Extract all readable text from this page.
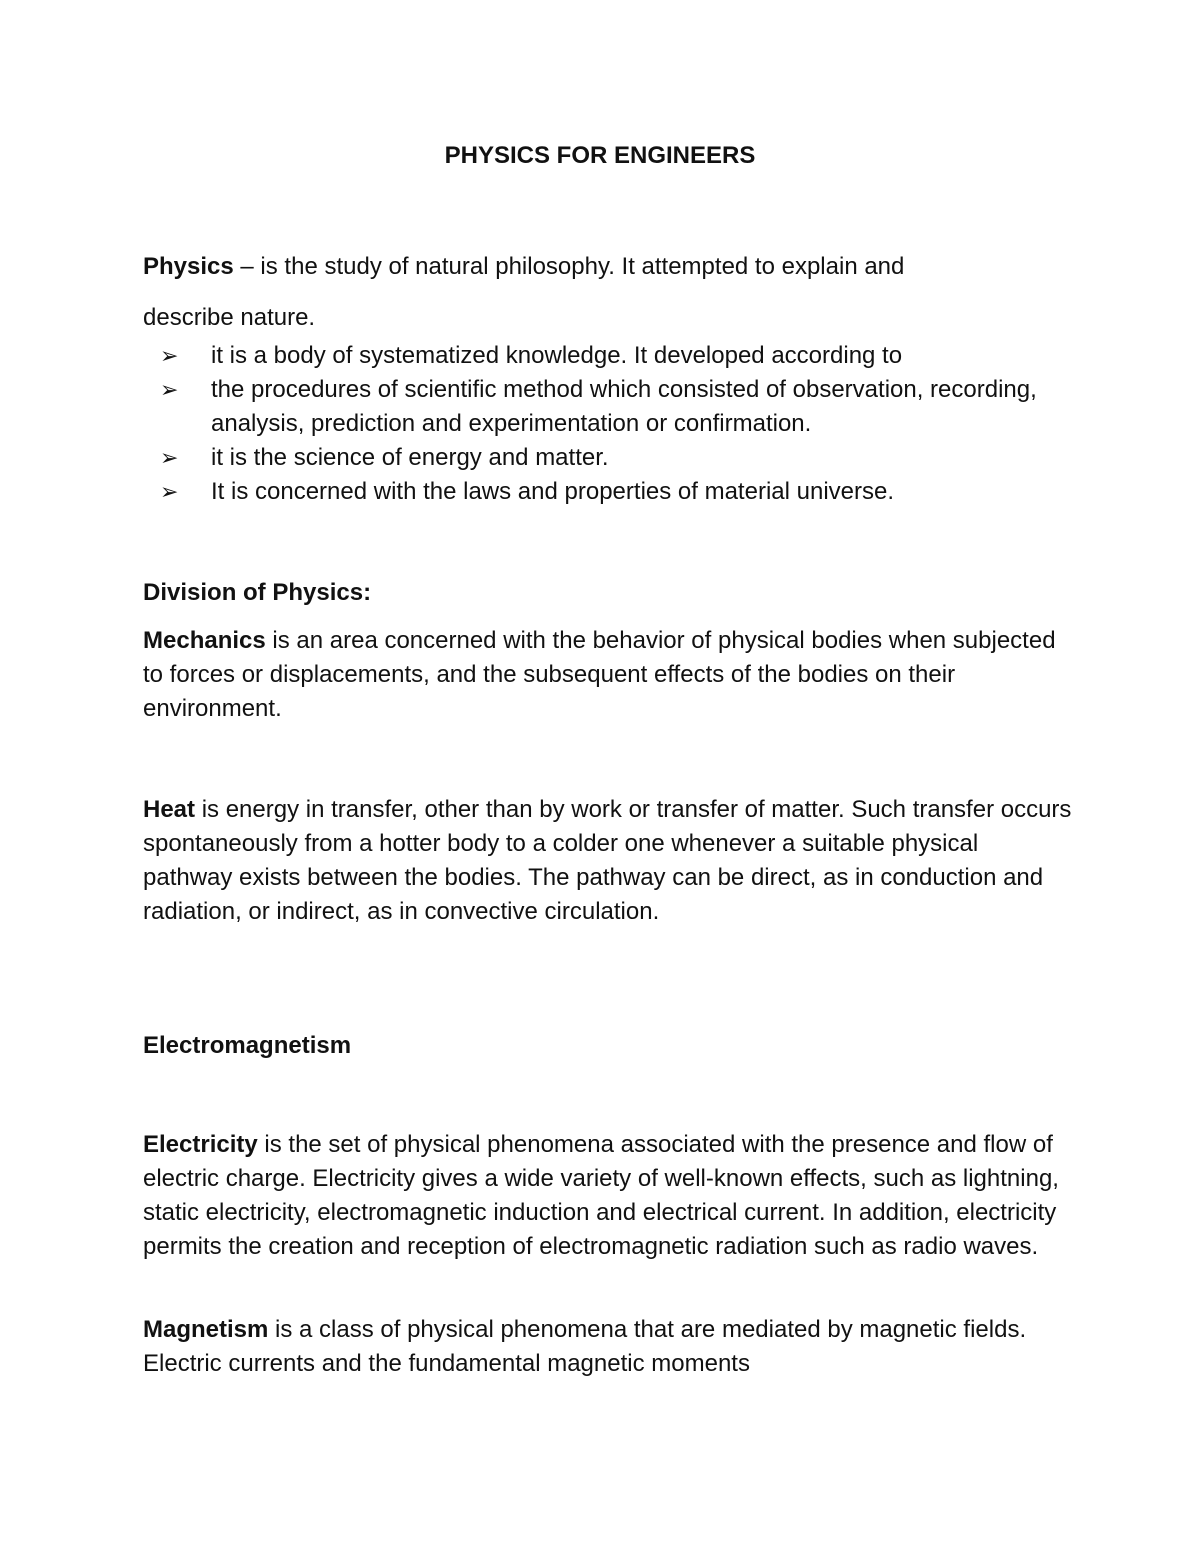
PHYSICS FOR ENGINEERS

Physics – is the study of natural philosophy. It attempted to explain and
describe nature.

➢ it is a body of systematized knowledge. It developed according to
➢ the procedures of scientific method which consisted of observation, recording, analysis, prediction and experimentation or confirmation.
➢ it is the science of energy and matter.
➢ It is concerned with the laws and properties of material universe.

Division of Physics:

Mechanics is an area concerned with the behavior of physical bodies when subjected to forces or displacements, and the subsequent effects of the bodies on their environment.

Heat is energy in transfer, other than by work or transfer of matter. Such transfer occurs spontaneously from a hotter body to a colder one whenever a suitable physical pathway exists between the bodies. The pathway can be direct, as in conduction and radiation, or indirect, as in convective circulation.

Electromagnetism

Electricity is the set of physical phenomena associated with the presence and flow of electric charge. Electricity gives a wide variety of well-known effects, such as lightning, static electricity, electromagnetic induction and electrical current. In addition, electricity permits the creation and reception of electromagnetic radiation such as radio waves.

Magnetism is a class of physical phenomena that are mediated by magnetic fields. Electric currents and the fundamental magnetic moments
